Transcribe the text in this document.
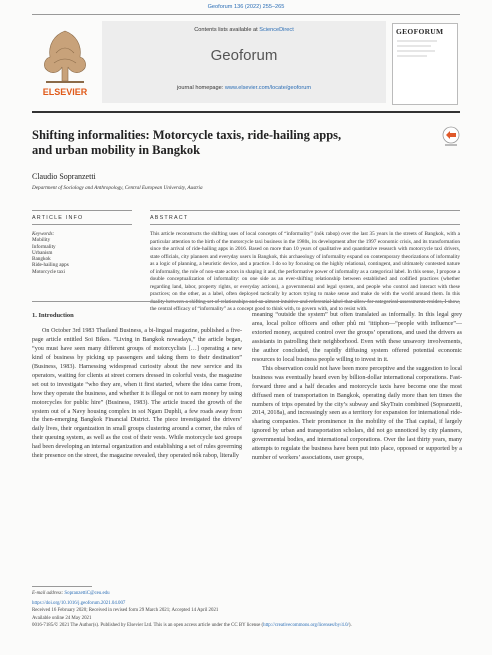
Geoforum 136 (2022) 255–265
ELSEVIER
Contents lists available at ScienceDirect
Geoforum
journal homepage: www.elsevier.com/locate/geoforum
GEOFORUM
Shifting informalities: Motorcycle taxis, ride-hailing apps, and urban mobility in Bangkok
Claudio Sopranzetti
Department of Sociology and Anthropology, Central European University, Austria
ARTICLE INFO	ABSTRACT
Keywords:
Mobility
Informality
Urbanism
Bangkok
Ride-hailing apps
Motorcycle taxi
This article reconstructs the shifting uses of local concepts of “informality” (nók rabop) over the last 35 years in the streets of Bangkok, with a particular attention to the birth of the motorcycle taxi business in the 1980s, its development after the 1997 economic crisis, and its transformation since the arrival of ride-hailing apps in 2016. Based on more than 10 years of qualitative and quantitative research with motorcycle taxi drivers, state officials, city planners and everyday users in Bangkok, this archaeology of informality expand on contemporary theorizations of informality as a logic of planning, a heuristic device, and a practice. I do so by focusing on the highly relational, contingent, and ultimately contested nature of informality, the role of non-state actors in shaping it and, the performative power of informality as a categorical label. In this sense, I propose a double conceptualization of informality: on one side as an ever-shifting relationship between established and codified practices (whether regarding land, labor, property rights, or everyday actions), a governmental and legal system, and people who control and interact with these practices; on the other, as a label, often deployed tactically by actors trying to make sense and make do with the world around them. In this duality between a shifting set of relationships and an almost intuitive and referential label that allow for categorical assessments resides, I show, the central efficacy of “informality” as a concept good to think with, to govern with, and to resist with.
1. Introduction

On October 3rd 1983 Thailand Business, a bi-lingual magazine, published a five-page article entitled Soi Bikes. “Living in Bangkok nowadays,” the article began, “you must have seen many different groups of motorcyclists […] operating a new kind of business by picking up passengers and taking them to their destination” (Business, 1983). Harnessing widespread curiosity about the new service and its operators, waiting for clients at street corners dressed in colorful vests, the magazine set out to investigate “who they are, when it first started, where the idea came from, how they operate the business, and whether it is illegal or not to earn money by using motorcycles for public hire” (Business, 1983). The article traced the growth of the system out of a Navy housing complex in soi Ngam Duphli, a few roads away from the then-emerging Bangkok Financial District. The piece investigated the drivers’ daily lives, their organization in small groups clustering around a corner, the rules of their queuing system, as well as the cost of their vests. While motorcycle taxi groups had been developing an internal organization and establishing a set of rules governing their presence on the street, the magazine revealed, they operated nók rabop, literally

meaning “outside the system” but often translated as informally. In this legal grey area, local police officers and other phû mi ‘ittiphon—“people with influence”—extorted money, acquired control over the groups’ operations, and used the drivers as assistants in patrolling their neighborhood. Even with these unsavory involvements, the author concluded, the rapidly diffusing system offered potential economic resources to local business people willing to invest in it.

This observation could not have been more perceptive and the suggestion to local business was eventually heard even by billion-dollar international corporations. Fast-forward three and a half decades and motorcycle taxis have become one the most diffused men of transportation in Bangkok, operating daily more than ten times the numbers of trips operated by the city’s subway and SkyTrain combined (Sopranzetti, 2014, 2018a), and increasingly seen as a territory for expansion for international ride-sharing companies. Their prominence in the mobility of the Thai capital, if largely ignored by urban and transportation scholars, did not go unnoticed by city planners, governmental bodies, and international corporations. Over the last thirty years, many attempts to regulate the business have been put into place, opposed or supported by a number of workers’ associations, user groups,

E-mail address: SopranzettiC@ceu.edu
https://doi.org/10.1016/j.geoforum.2021.04.007
Received 16 February 2020; Received in revised form 29 March 2021; Accepted 14 April 2021
Available online 24 May 2021
0016-7185/© 2021 The Author(s). Published by Elsevier Ltd. This is an open access article under the CC BY license (http://creativecommons.org/licenses/by/4.0/).
